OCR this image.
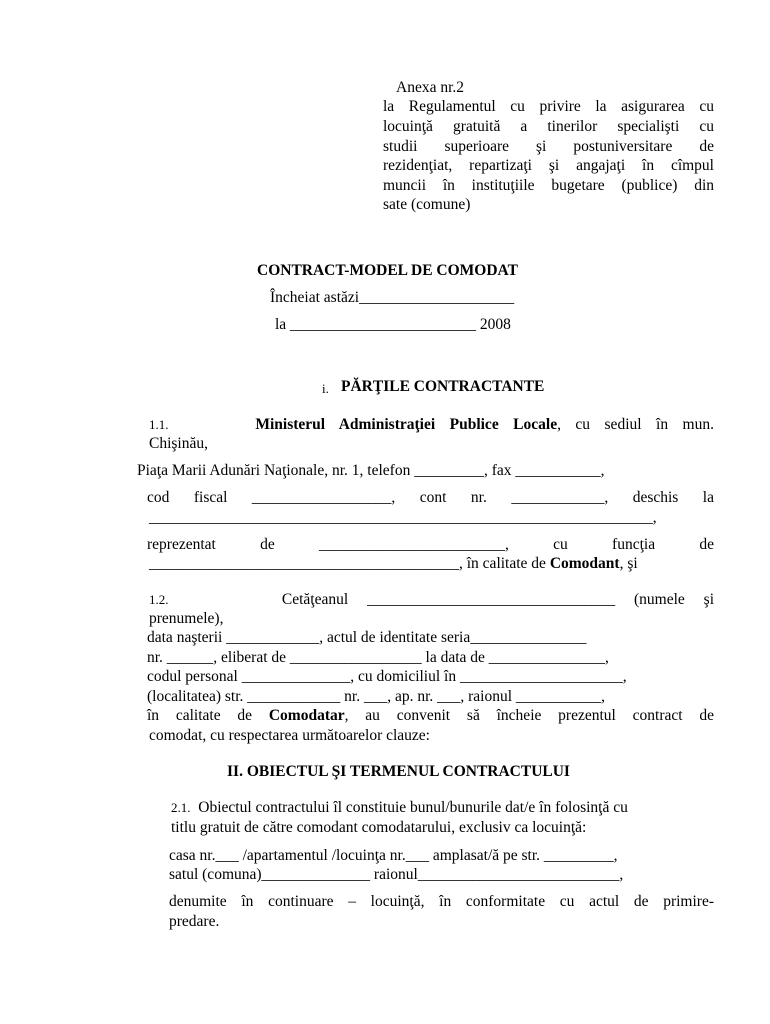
Anexa nr.2
la Regulamentul cu privire la asigurarea cu
locuinţă gratuită a tinerilor specialişti cu
studii superioare şi postuniversitare de
rezidenţiat, repartizaţi şi angajaţi în cîmpul
muncii în instituţiile bugetare (publice) din
sate (comune)
CONTRACT-MODEL DE COMODAT
Încheiat astăzi____________________
la ________________________ 2008
i. PĂRŢILE CONTRACTANTE
1.1.	Ministerul Administraţiei Publice Locale, cu sediul în mun.
Chişinău,
Piaţa Marii Adunări Naţionale, nr. 1, telefon _________, fax ___________,
cod fiscal __________________, cont nr. ____________, deschis la
_________________________________________________________________,
reprezentat de ________________________, cu funcţia de
________________________________________, în calitate de Comodant, şi
1.2.	Cetăţeanul ________________________________ (numele şi
prenumele),
data naşterii ____________, actul de identitate seria_______________
nr. ______, eliberat de _________________ la data de _______________,
codul personal ______________, cu domiciliul în _____________________,
(localitatea) str. ____________ nr. ___, ap. nr. ___, raionul ___________,
în calitate de Comodatar, au convenit să încheie prezentul contract de
comodat, cu respectarea următoarelor clauze:
II. OBIECTUL ŞI TERMENUL CONTRACTULUI
2.1. Obiectul contractului îl constituie bunul/bunurile dat/e în folosinţă cu
titlu gratuit de către comodant comodatarului, exclusiv ca locuinţă:
casa nr.___ /apartamentul /locuinţa nr.___ amplasat/ă pe str. _________,
satul (comuna)______________ raionul__________________________,
denumite în continuare – locuinţă, în conformitate cu actul de primire-
predare.
